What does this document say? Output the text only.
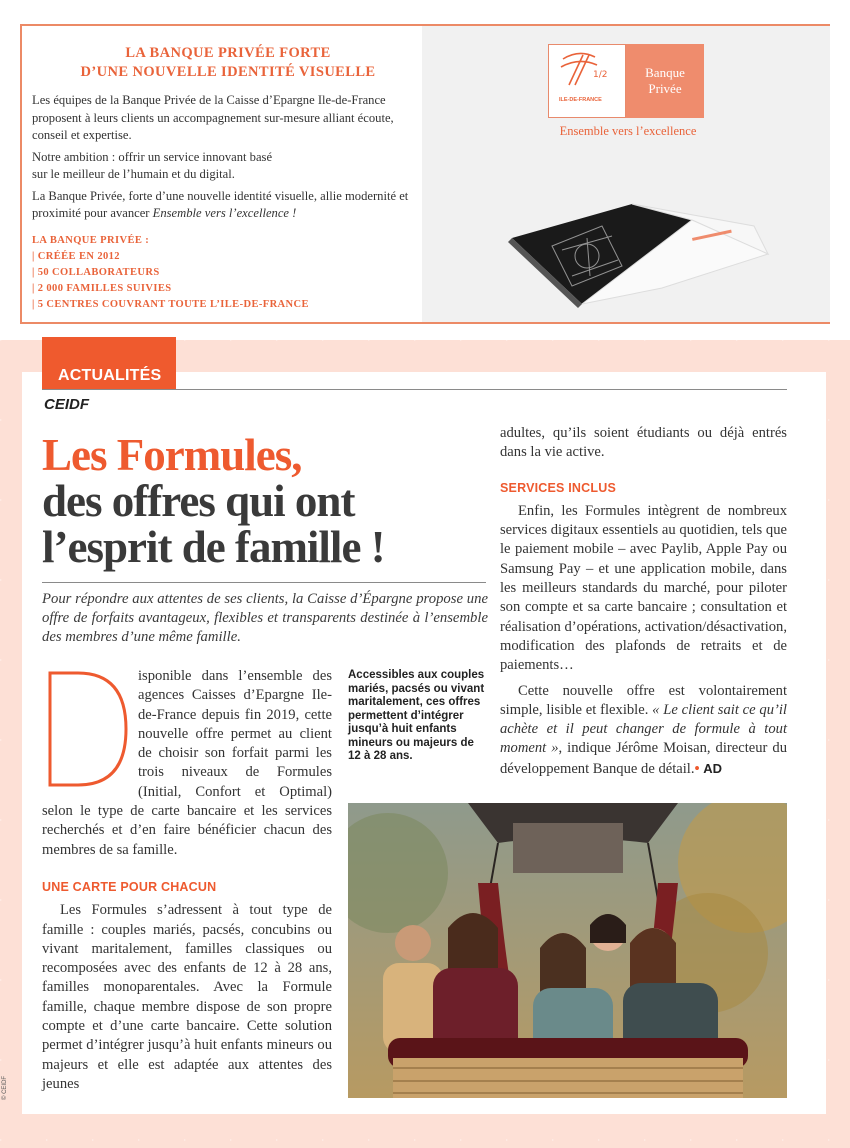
LA BANQUE PRIVÉE FORTE
D’UNE NOUVELLE IDENTITÉ VISUELLE

Les équipes de la Banque Privée de la Caisse d’Epargne Ile-de-France proposent à leurs clients un accompagnement sur-mesure alliant écoute, conseil et expertise.

Notre ambition : offrir un service innovant basé
sur le meilleur de l’humain et du digital.

La Banque Privée, forte d’une nouvelle identité visuelle, allie modernité et proximité pour avancer Ensemble vers l’excellence !

LA BANQUE PRIVÉE :
| CRÉÉE EN 2012
| 50 COLLABORATEURS
| 2 000 FAMILLES SUIVIES
| 5 CENTRES COUVRANT TOUTE L’ILE-DE-FRANCE
1/2
ILE-DE-FRANCE
Banque
Privée
Ensemble vers l’excellence
ACTUALITÉS
CEIDF
Les Formules,
des offres qui ont
l’esprit de famille !

Pour répondre aux attentes de ses clients, la Caisse d’Épargne propose une offre de forfaits avantageux, flexibles et transparents destinée à l’ensemble des membres d’une même famille.

D

isponible dans l’ensemble des agences Caisses d’Epargne Ile-de-France depuis fin 2019, cette nouvelle offre permet au client de choisir son forfait parmi les trois niveaux de Formules (Initial, Confort et Optimal) selon le type de carte bancaire et les services recherchés et d’en faire bénéficier chacun des membres de sa famille.

UNE CARTE POUR CHACUN

Les Formules s’adressent à tout type de famille : couples mariés, pacsés, concubins ou vivant maritalement, familles classiques ou recomposées avec des enfants de 12 à 28 ans, familles monoparentales. Avec la Formule famille, chaque membre dispose de son propre compte et d’une carte bancaire. Cette solution permet d’intégrer jusqu’à huit enfants mineurs ou majeurs et elle est adaptée aux attentes des jeunes

Accessibles aux couples mariés, pacsés ou vivant maritalement, ces offres permettent d’intégrer jusqu’à huit enfants mineurs ou majeurs de 12 à 28 ans.

adultes, qu’ils soient étudiants ou déjà entrés dans la vie active.

SERVICES INCLUS

Enfin, les Formules intègrent de nombreux services digitaux essentiels au quotidien, tels que le paiement mobile – avec Paylib, Apple Pay ou Samsung Pay – et une application mobile, dans les meilleurs standards du marché, pour piloter son compte et sa carte bancaire ; consultation et réalisation d’opérations, activation/désactivation, modification des plafonds de retraits et de paiements…

Cette nouvelle offre est volontairement simple, lisible et flexible. « Le client sait ce qu’il achète et il peut changer de formule à tout moment », indique Jérôme Moisan, directeur du développement Banque de détail.• AD

© CEIDF
